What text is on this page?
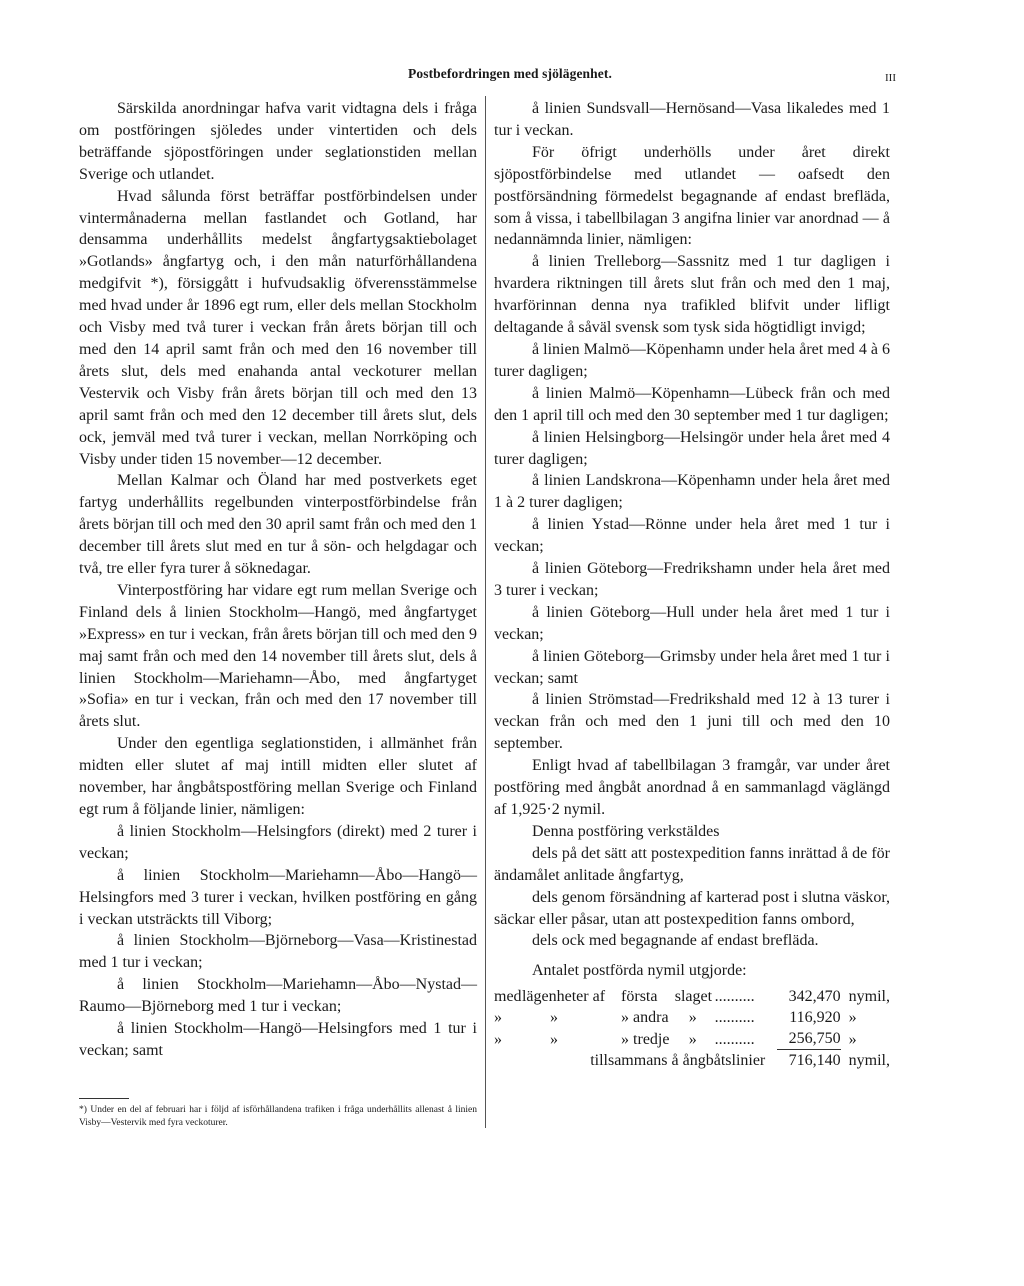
Postbefordringen med sjölägenhet.	III

Särskilda anordningar hafva varit vidtagna dels i fråga om postföringen sjöledes under vintertiden och dels beträffande sjöpostföringen under seglationstiden mellan Sverige och utlandet.

Hvad sålunda först beträffar postförbindelsen under vintermånaderna mellan fastlandet och Gotland, har densamma underhållits medelst ångfartygsaktiebolaget »Gotlands» ångfartyg och, i den mån naturförhållandena medgifvit *), försiggått i hufvudsaklig öfverensstämmelse med hvad under år 1896 egt rum, eller dels mellan Stockholm och Visby med två turer i veckan från årets början till och med den 14 april samt från och med den 16 november till årets slut, dels med enahanda antal veckoturer mellan Vestervik och Visby från årets början till och med den 13 april samt från och med den 12 december till årets slut, dels ock, jemväl med två turer i veckan, mellan Norrköping och Visby under tiden 15 november—12 december.

Mellan Kalmar och Öland har med postverkets eget fartyg underhållits regelbunden vinterpostförbindelse från årets början till och med den 30 april samt från och med den 1 december till årets slut med en tur å sön- och helgdagar och två, tre eller fyra turer å söknedagar.

Vinterpostföring har vidare egt rum mellan Sverige och Finland dels å linien Stockholm—Hangö, med ångfartyget »Express» en tur i veckan, från årets början till och med den 9 maj samt från och med den 14 november till årets slut, dels å linien Stockholm—Mariehamn—Åbo, med ångfartyget »Sofia» en tur i veckan, från och med den 17 november till årets slut.

Under den egentliga seglationstiden, i allmänhet från midten eller slutet af maj intill midten eller slutet af november, har ångbåtspostföring mellan Sverige och Finland egt rum å följande linier, nämligen:

å linien Stockholm—Helsingfors (direkt) med 2 turer i veckan;

å linien Stockholm—Mariehamn—Åbo—Hangö—Helsingfors med 3 turer i veckan, hvilken postföring en gång i veckan utsträckts till Viborg;

å linien Stockholm—Björneborg—Vasa—Kristinestad med 1 tur i veckan;

å linien Stockholm—Mariehamn—Åbo—Nystad—Raumo—Björneborg med 1 tur i veckan;

å linien Stockholm—Hangö—Helsingfors med 1 tur i veckan; samt

å linien Sundsvall—Hernösand—Vasa likaledes med 1 tur i veckan.

För öfrigt underhölls under året direkt sjöpostförbindelse med utlandet — oafsedt den postförsändning förmedelst begagnande af endast brefläda, som å vissa, i tabellbilagan 3 angifna linier var anordnad — å nedannämnda linier, nämligen:

å linien Trelleborg—Sassnitz med 1 tur dagligen i hvardera riktningen till årets slut från och med den 1 maj, hvarförinnan denna nya trafikled blifvit under lifligt deltagande å såväl svensk som tysk sida högtidligt invigd;

å linien Malmö—Köpenhamn under hela året med 4 à 6 turer dagligen;

å linien Malmö—Köpenhamn—Lübeck från och med den 1 april till och med den 30 september med 1 tur dagligen;

å linien Helsingborg—Helsingör under hela året med 4 turer dagligen;

å linien Landskrona—Köpenhamn under hela året med 1 à 2 turer dagligen;

å linien Ystad—Rönne under hela året med 1 tur i veckan;

å linien Göteborg—Fredrikshamn under hela året med 3 turer i veckan;

å linien Göteborg—Hull under hela året med 1 tur i veckan;

å linien Göteborg—Grimsby under hela året med 1 tur i veckan; samt

å linien Strömstad—Fredrikshald med 12 à 13 turer i veckan från och med den 1 juni till och med den 10 september.

Enligt hvad af tabellbilagan 3 framgår, var under året postföring med ångbåt anordnad å en sammanlagd väglängd af 1,925·2 nymil.

Denna postföring verkstäldes

dels på det sätt att postexpedition fanns inrättad å de för ändamålet anlitade ångfartyg,

dels genom försändning af karterad post i slutna väskor, säckar eller påsar, utan att postexpedition fanns ombord,

dels ock med begagnande af endast brefläda.

Antalet postförda nymil utgjorde:

med	lägenheter af	första	slaget	..........	342,470	nymil,
»	»	» andra	»	..........	116,920	»
»	»	» tredje	»	..........	256,750	»
tillsammans å ångbåtslinier					716,140	nymil,
*) Under en del af februari har i följd af isförhållandena trafiken i fråga underhållits allenast å linien Visby—Vestervik med fyra veckoturer.
